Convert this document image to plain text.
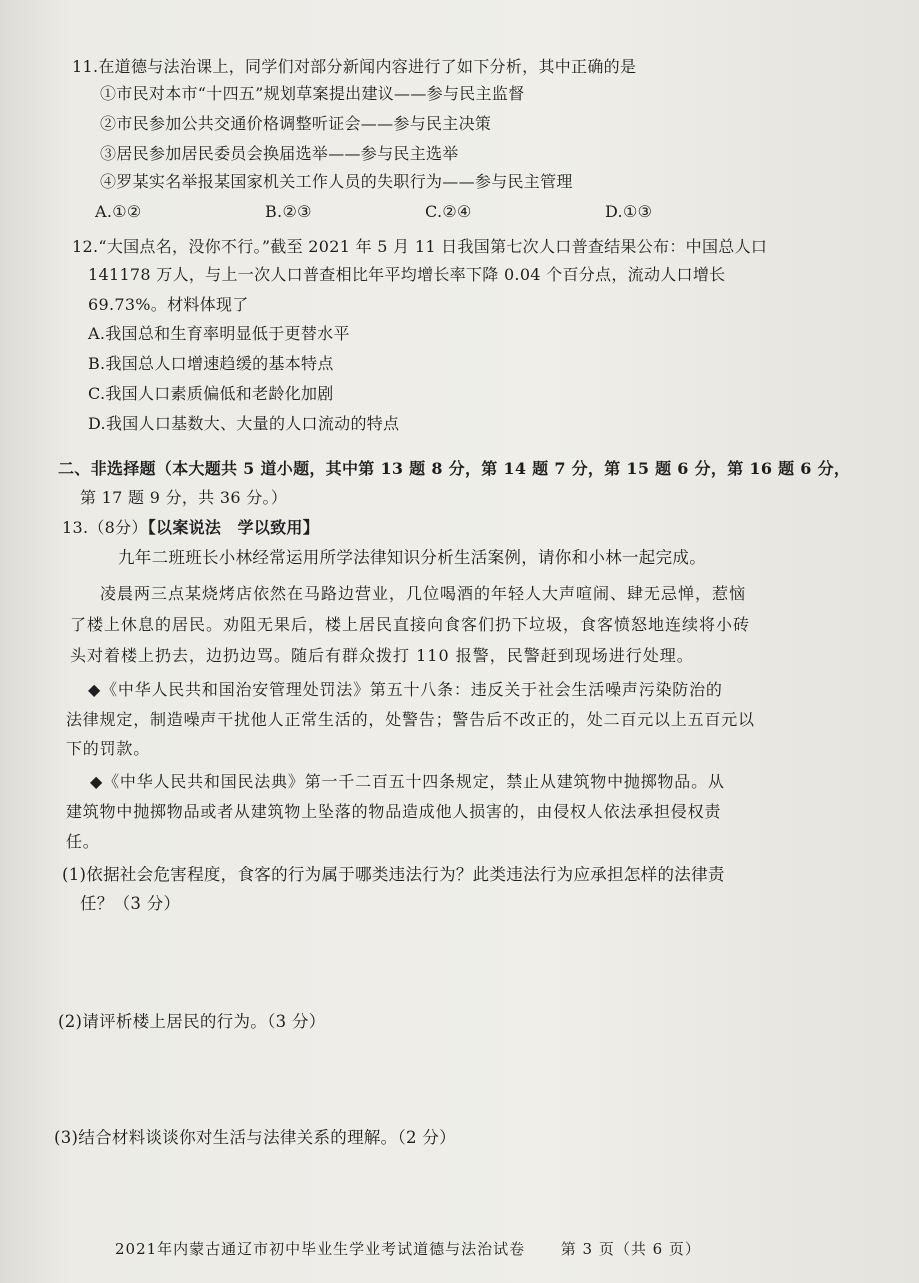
11.在道德与法治课上，同学们对部分新闻内容进行了如下分析，其中正确的是
①市民对本市“十四五”规划草案提出建议——参与民主监督
②市民参加公共交通价格调整听证会——参与民主决策
③居民参加居民委员会换届选举——参与民主选举
④罗某实名举报某国家机关工作人员的失职行为——参与民主管理
A.①②	B.②③	C.②④	D.①③
12.“大国点名，没你不行。”截至 2021 年 5 月 11 日我国第七次人口普查结果公布：中国总人口
141178 万人，与上一次人口普查相比年平均增长率下降 0.04 个百分点，流动人口增长
69.73%。材料体现了
A.我国总和生育率明显低于更替水平
B.我国总人口增速趋缓的基本特点
C.我国人口素质偏低和老龄化加剧
D.我国人口基数大、大量的人口流动的特点
二、非选择题（本大题共 5 道小题，其中第 13 题 8 分，第 14 题 7 分，第 15 题 6 分，第 16 题 6 分，
第 17 题 9 分，共 36 分。）
13.（8分）【以案说法　学以致用】
九年二班班长小林经常运用所学法律知识分析生活案例，请你和小林一起完成。
凌晨两三点某烧烤店依然在马路边营业，几位喝酒的年轻人大声喧闹、肆无忌惮，惹恼
了楼上休息的居民。劝阻无果后，楼上居民直接向食客们扔下垃圾，食客愤怒地连续将小砖
头对着楼上扔去，边扔边骂。随后有群众拨打 110 报警，民警赶到现场进行处理。
◆《中华人民共和国治安管理处罚法》第五十八条：违反关于社会生活噪声污染防治的
法律规定，制造噪声干扰他人正常生活的，处警告；警告后不改正的，处二百元以上五百元以
下的罚款。
◆《中华人民共和国民法典》第一千二百五十四条规定，禁止从建筑物中抛掷物品。从
建筑物中抛掷物品或者从建筑物上坠落的物品造成他人损害的，由侵权人依法承担侵权责
任。
(1)依据社会危害程度，食客的行为属于哪类违法行为？此类违法行为应承担怎样的法律责
任？（3 分）
(2)请评析楼上居民的行为。（3 分）
(3)结合材料谈谈你对生活与法律关系的理解。（2 分）
2021年内蒙古通辽市初中毕业生学业考试道德与法治试卷 第 3 页（共 6 页）
